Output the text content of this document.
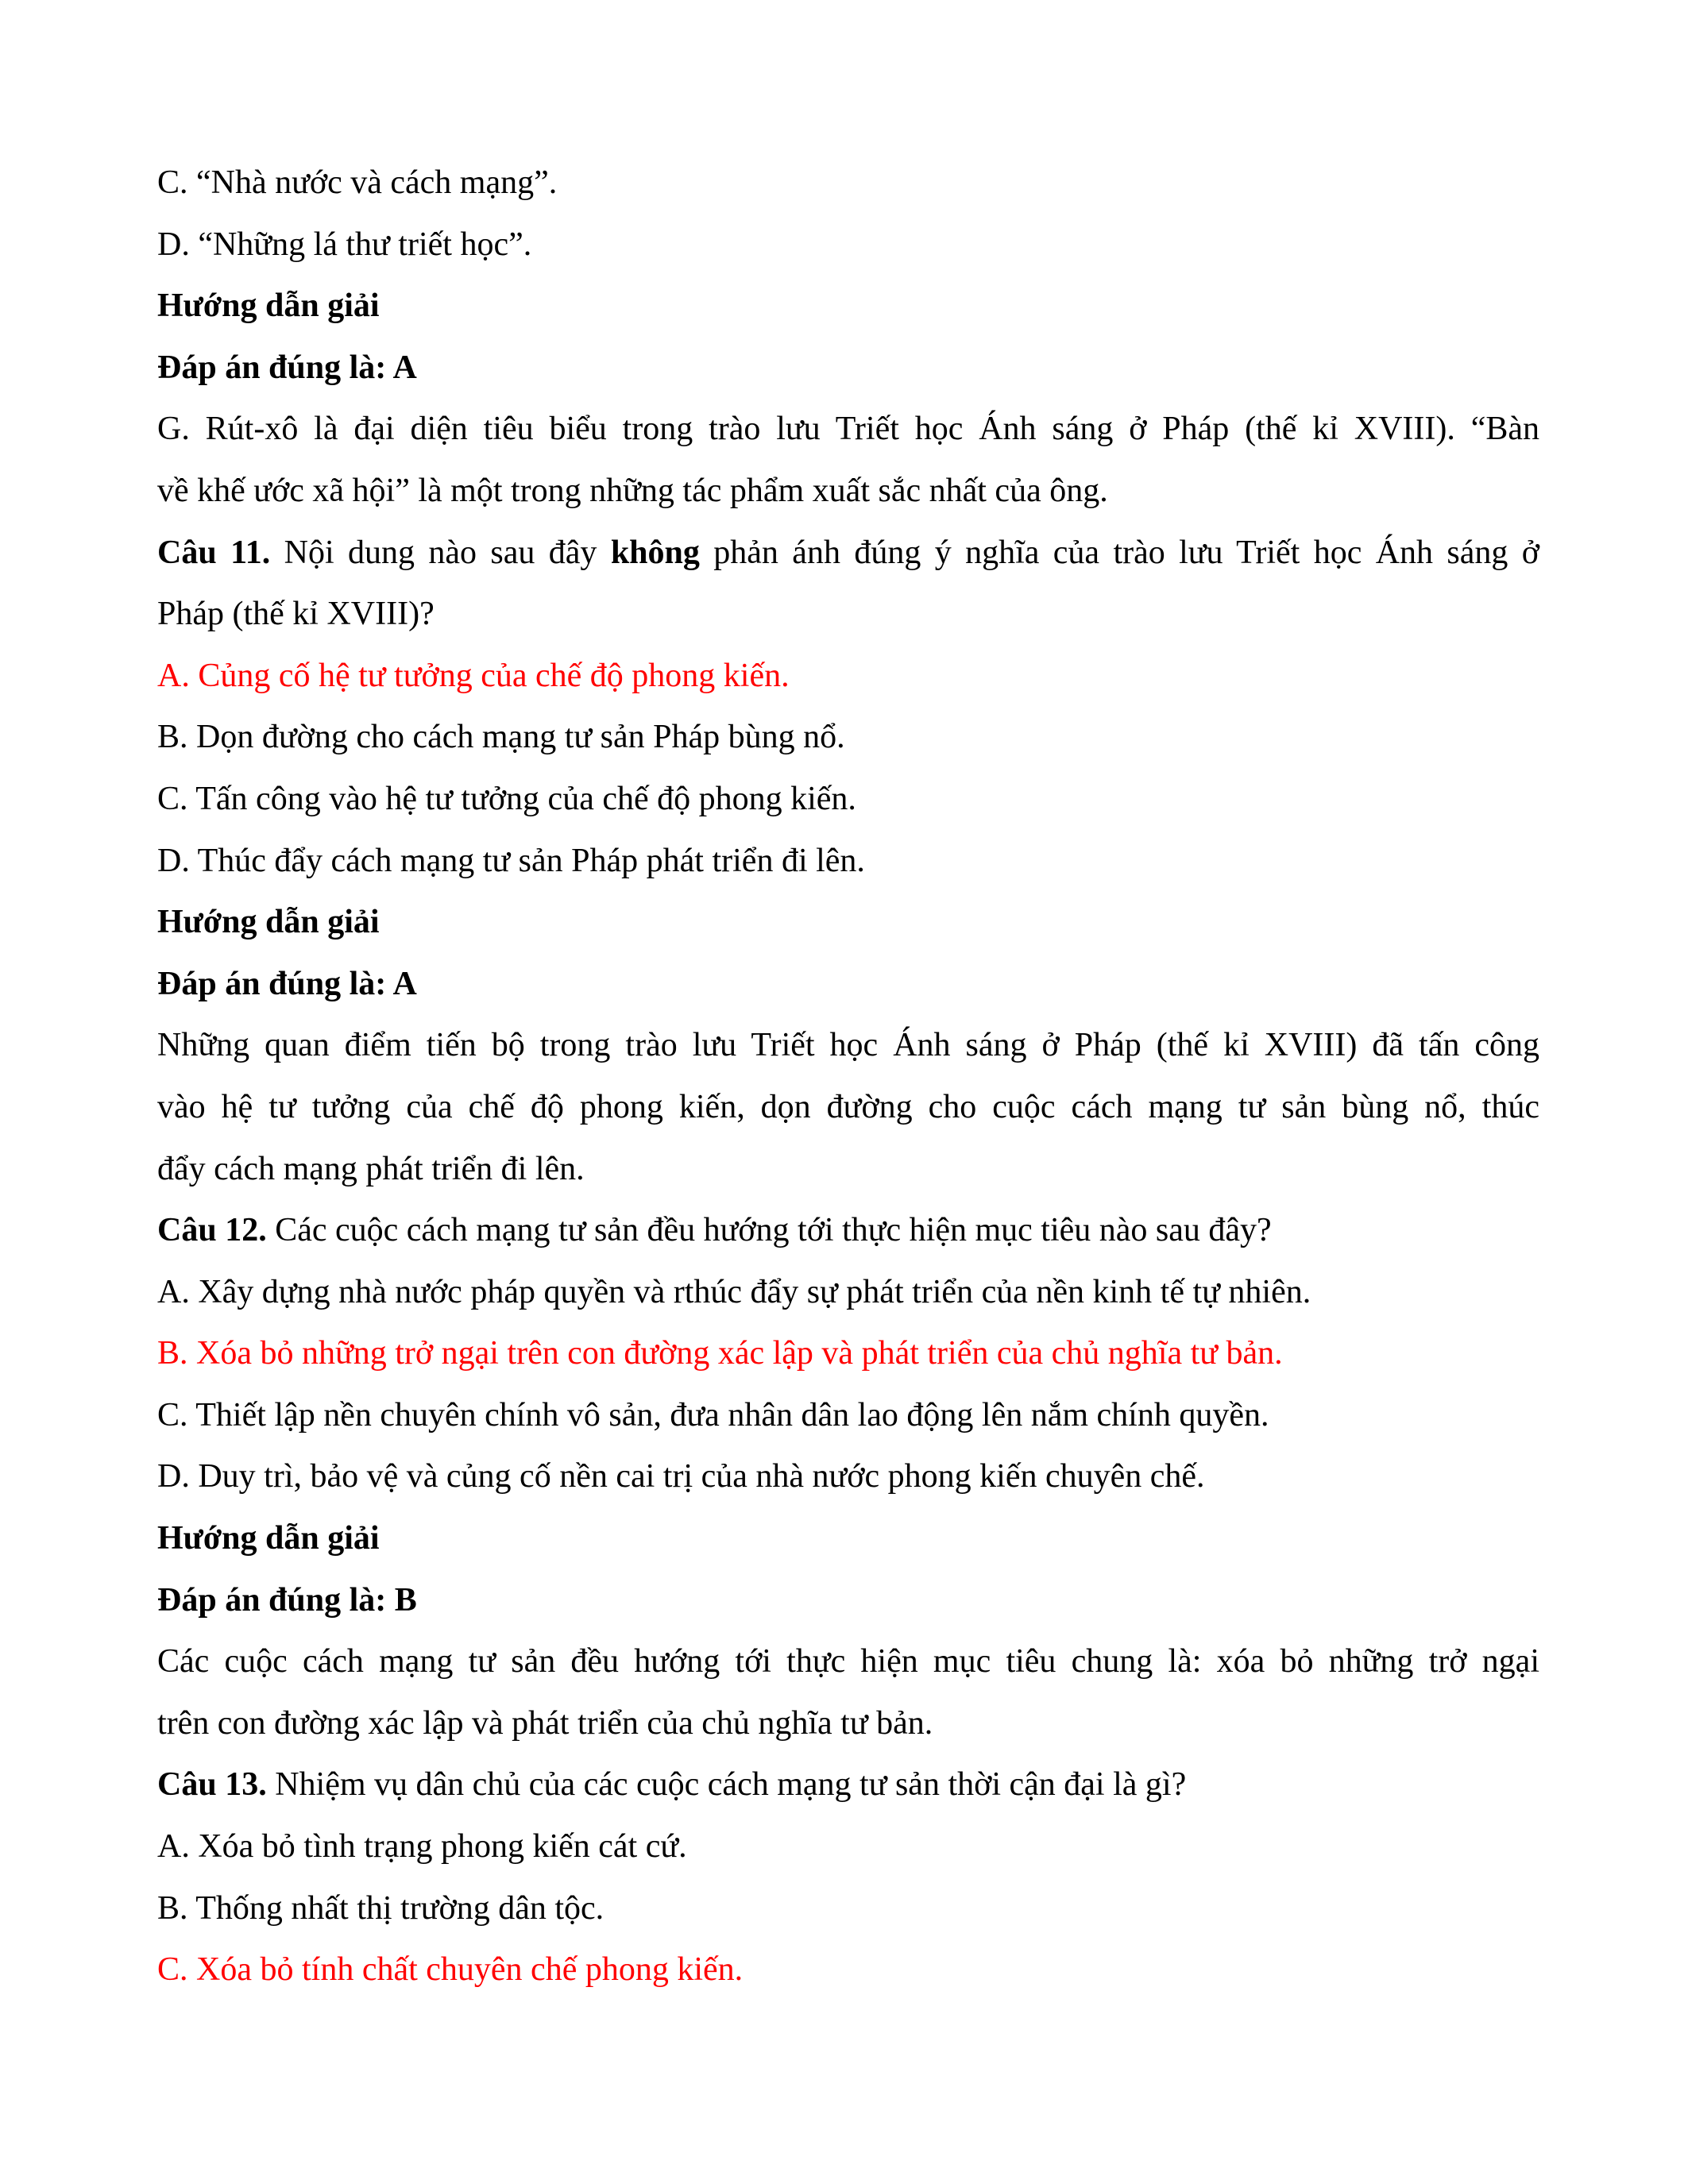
C. “Nhà nước và cách mạng”.
D. “Những lá thư triết học”.
Hướng dẫn giải
Đáp án đúng là: A
G. Rút-xô là đại diện tiêu biểu trong trào lưu Triết học Ánh sáng ở Pháp (thế kỉ XVIII). “Bàn
về khế ước xã hội” là một trong những tác phẩm xuất sắc nhất của ông.
Câu 11. Nội dung nào sau đây không phản ánh đúng ý nghĩa của trào lưu Triết học Ánh sáng ở
Pháp (thế kỉ XVIII)?
A. Củng cố hệ tư tưởng của chế độ phong kiến.
B. Dọn đường cho cách mạng tư sản Pháp bùng nổ.
C. Tấn công vào hệ tư tưởng của chế độ phong kiến.
D. Thúc đẩy cách mạng tư sản Pháp phát triển đi lên.
Hướng dẫn giải
Đáp án đúng là: A
Những quan điểm tiến bộ trong trào lưu Triết học Ánh sáng ở Pháp (thế kỉ XVIII) đã tấn công
vào hệ tư tưởng của chế độ phong kiến, dọn đường cho cuộc cách mạng tư sản bùng nổ, thúc
đẩy cách mạng phát triển đi lên.
Câu 12. Các cuộc cách mạng tư sản đều hướng tới thực hiện mục tiêu nào sau đây?
A. Xây dựng nhà nước pháp quyền và rthúc đẩy sự phát triển của nền kinh tế tự nhiên.
B. Xóa bỏ những trở ngại trên con đường xác lập và phát triển của chủ nghĩa tư bản.
C. Thiết lập nền chuyên chính vô sản, đưa nhân dân lao động lên nắm chính quyền.
D. Duy trì, bảo vệ và củng cố nền cai trị của nhà nước phong kiến chuyên chế.
Hướng dẫn giải
Đáp án đúng là: B
Các cuộc cách mạng tư sản đều hướng tới thực hiện mục tiêu chung là: xóa bỏ những trở ngại
trên con đường xác lập và phát triển của chủ nghĩa tư bản.
Câu 13. Nhiệm vụ dân chủ của các cuộc cách mạng tư sản thời cận đại là gì?
A. Xóa bỏ tình trạng phong kiến cát cứ.
B. Thống nhất thị trường dân tộc.
C. Xóa bỏ tính chất chuyên chế phong kiến.
